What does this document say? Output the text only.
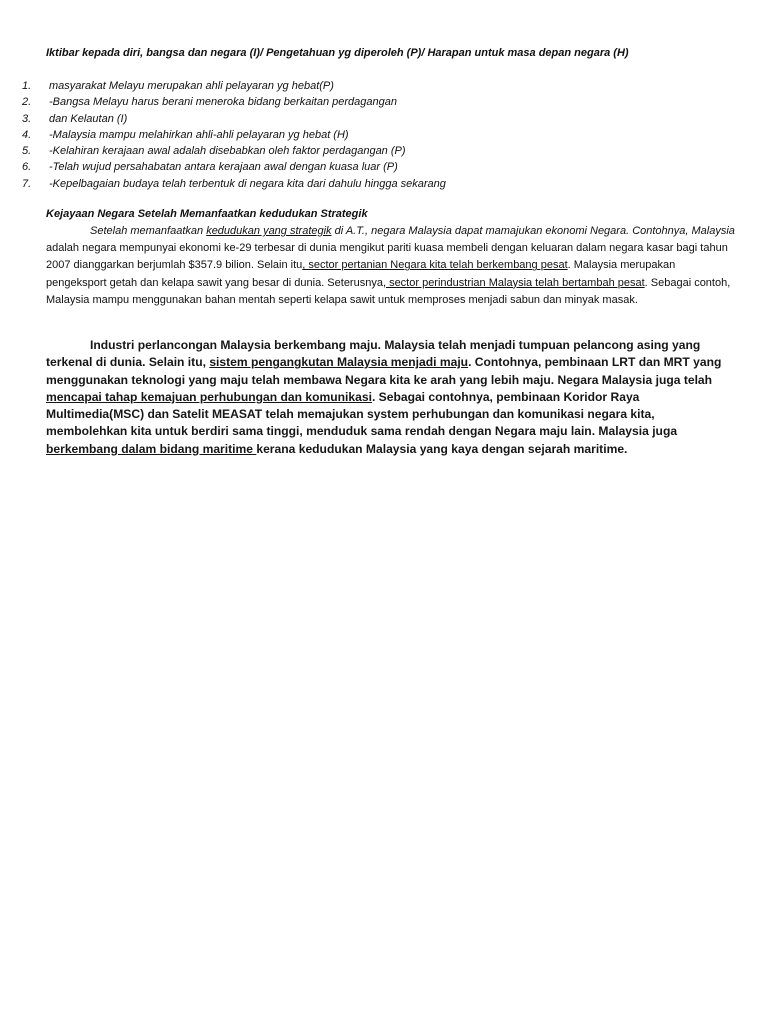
Iktibar kepada diri, bangsa dan negara (I)/ Pengetahuan yg diperoleh (P)/ Harapan untuk masa depan negara (H)
1. masyarakat Melayu merupakan ahli pelayaran yg hebat(P)
2. -Bangsa Melayu harus berani meneroka bidang berkaitan perdagangan
3. dan Kelautan (I)
4. -Malaysia mampu melahirkan ahli-ahli pelayaran yg hebat (H)
5. -Kelahiran kerajaan awal adalah disebabkan oleh faktor perdagangan (P)
6. -Telah wujud persahabatan antara kerajaan awal dengan kuasa luar (P)
7. -Kepelbagaian budaya telah terbentuk di negara kita dari dahulu hingga sekarang
Kejayaan Negara Setelah Memanfaatkan kedudukan Strategik
Setelah memanfaatkan kedudukan yang strategik di A.T., negara Malaysia dapat mamajukan ekonomi Negara. Contohnya, Malaysia adalah negara mempunyai ekonomi ke-29 terbesar di dunia mengikut pariti kuasa membeli dengan keluaran dalam negara kasar bagi tahun 2007 dianggarkan berjumlah $357.9 bilion. Selain itu, sector pertanian Negara kita telah berkembang pesat. Malaysia merupakan pengeksport getah dan kelapa sawit yang besar di dunia. Seterusnya, sector perindustrian Malaysia telah bertambah pesat. Sebagai contoh, Malaysia mampu menggunakan bahan mentah seperti kelapa sawit untuk memproses menjadi sabun dan minyak masak.
Industri perlancongan Malaysia berkembang maju. Malaysia telah menjadi tumpuan pelancong asing yang terkenal di dunia. Selain itu, sistem pengangkutan Malaysia menjadi maju. Contohnya, pembinaan LRT dan MRT yang menggunakan teknologi yang maju telah membawa Negara kita ke arah yang lebih maju. Negara Malaysia juga telah mencapai tahap kemajuan perhubungan dan komunikasi. Sebagai contohnya, pembinaan Koridor Raya Multimedia(MSC) dan Satelit MEASAT telah memajukan system perhubungan dan komunikasi negara kita, membolehkan kita untuk berdiri sama tinggi, menduduk sama rendah dengan Negara maju lain. Malaysia juga berkembang dalam bidang maritime kerana kedudukan Malaysia yang kaya dengan sejarah maritime.
